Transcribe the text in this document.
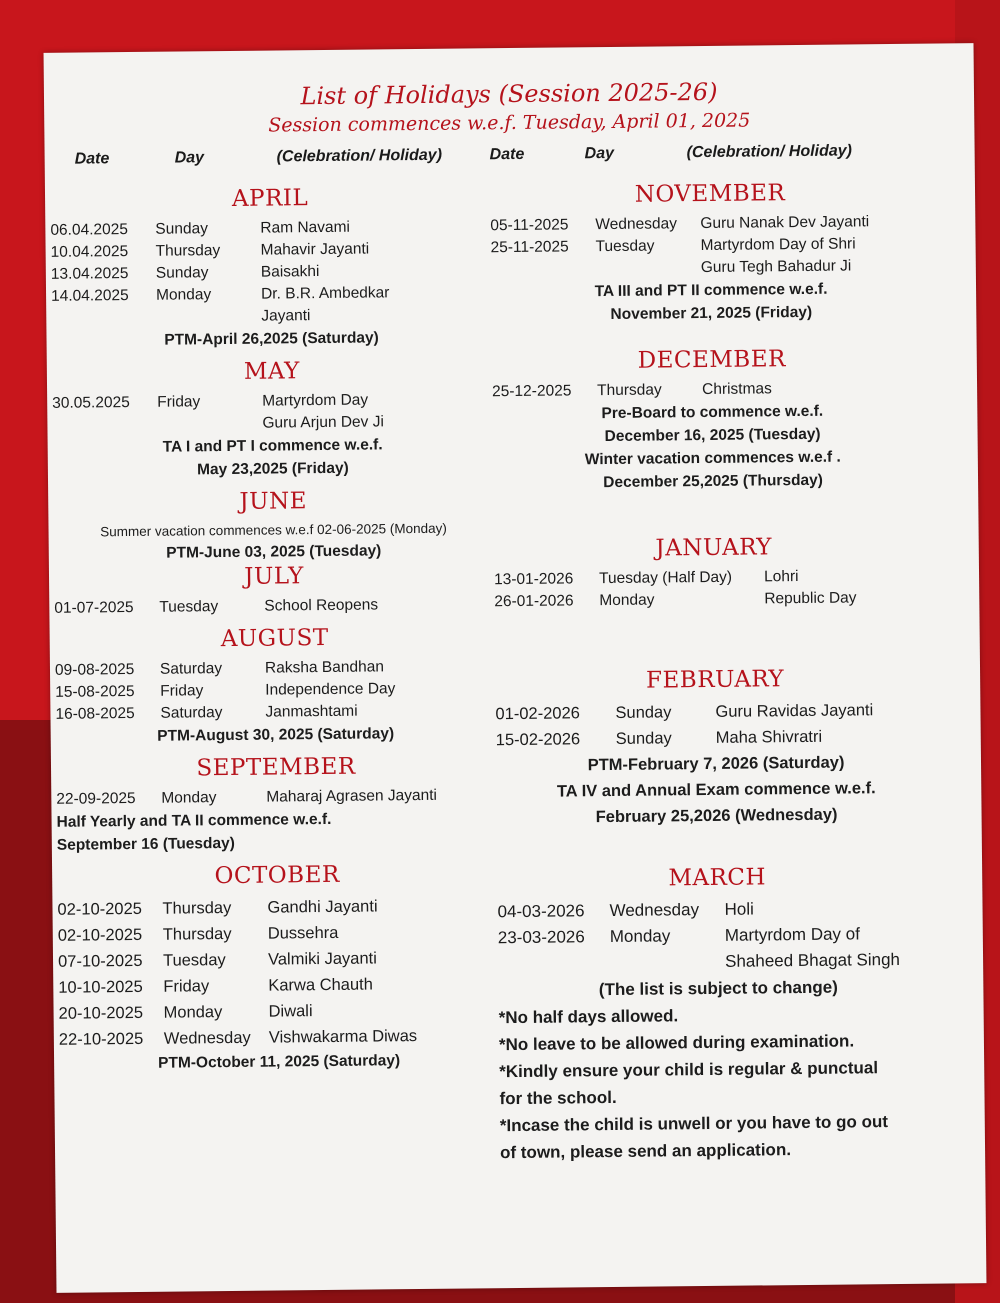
List of Holidays (Session 2025-26)
Session commences w.e.f. Tuesday, April 01, 2025
Date	Day	(Celebration/ Holiday)	Date	Day	(Celebration/ Holiday)
APRIL
06.04.2025	Sunday	Ram Navami
10.04.2025	Thursday	Mahavir Jayanti
13.04.2025	Sunday	Baisakhi
14.04.2025	Monday	Dr. B.R. Ambedkar
Jayanti
PTM-April 26,2025 (Saturday)
MAY
30.05.2025	Friday	Martyrdom Day
Guru Arjun Dev Ji
TA I and PT I commence w.e.f.
May 23,2025 (Friday)
JUNE
Summer vacation commences w.e.f 02-06-2025 (Monday)
PTM-June 03, 2025 (Tuesday)
JULY
01-07-2025	Tuesday	School Reopens
AUGUST
09-08-2025	Saturday	Raksha Bandhan
15-08-2025	Friday	Independence Day
16-08-2025	Saturday	Janmashtami
PTM-August 30, 2025 (Saturday)
SEPTEMBER
22-09-2025	Monday	Maharaj Agrasen Jayanti
Half Yearly and TA II commence w.e.f.
September 16 (Tuesday)
OCTOBER
02-10-2025	Thursday	Gandhi Jayanti
02-10-2025	Thursday	Dussehra
07-10-2025	Tuesday	Valmiki Jayanti
10-10-2025	Friday	Karwa Chauth
20-10-2025	Monday	Diwali
22-10-2025	Wednesday	Vishwakarma Diwas
PTM-October 11, 2025 (Saturday)
NOVEMBER
05-11-2025	Wednesday	Guru Nanak Dev Jayanti
25-11-2025	Tuesday	Martyrdom Day of Shri
Guru Tegh Bahadur Ji
TA III and PT II commence w.e.f.
November 21, 2025 (Friday)
DECEMBER
25-12-2025	Thursday	Christmas
Pre-Board to commence w.e.f.
December 16, 2025 (Tuesday)
Winter vacation commences w.e.f .
December 25,2025 (Thursday)
JANUARY
13-01-2026	Tuesday (Half Day)	Lohri
26-01-2026	Monday	Republic Day
FEBRUARY
01-02-2026	Sunday	Guru Ravidas Jayanti
15-02-2026	Sunday	Maha Shivratri
PTM-February 7, 2026 (Saturday)
TA IV and Annual Exam commence w.e.f.
February 25,2026 (Wednesday)
MARCH
04-03-2026	Wednesday	Holi
23-03-2026	Monday	Martyrdom Day of
Shaheed Bhagat Singh
(The list is subject to change)
*No half days allowed.
*No leave to be allowed during examination.
*Kindly ensure your child is regular & punctual
for the school.
*Incase the child is unwell or you have to go out
of town, please send an application.
